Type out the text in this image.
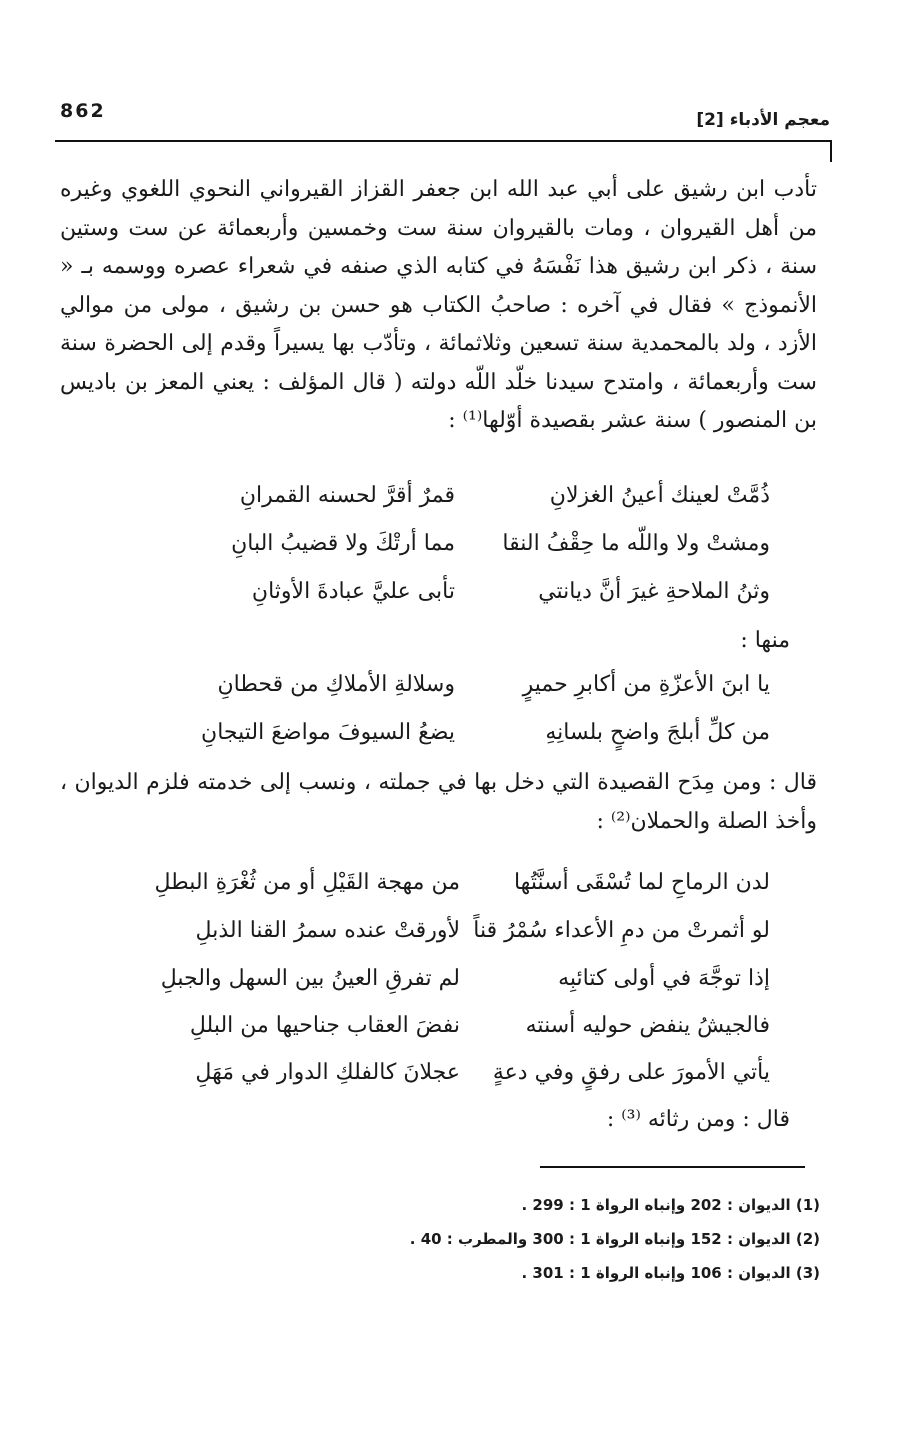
862	معجم الأدباء [2]

تأدب ابن رشيق على أبي عبد الله ابن جعفر القزاز القيرواني النحوي اللغوي وغيره من أهل القيروان ، ومات بالقيروان سنة ست وخمسين وأربعمائة عن ست وستين سنة ، ذكر ابن رشيق هذا نَفْسَهُ في كتابه الذي صنفه في شعراء عصره ووسمه بـ « الأنموذج » فقال في آخره : صاحبُ الكتاب هو حسن بن رشيق ، مولى من موالي الأزد ، ولد بالمحمدية سنة تسعين وثلاثمائة ، وتأدّب بها يسيراً وقدم إلى الحضرة سنة ست وأربعمائة ، وامتدح سيدنا خلّد اللّه دولته ( قال المؤلف : يعني المعز بن باديس بن المنصور ) سنة عشر بقصيدة أوّلها⁽¹⁾ :

ذُمَّتْ لعينك أعينُ الغزلانِ
قمرٌ أقرَّ لحسنه القمرانِ
ومشتْ ولا واللّه ما حِقْفُ النقا
مما أرتْكَ ولا قضيبُ البانِ
وثنُ الملاحةِ غيرَ أنَّ ديانتي
تأبى عليَّ عبادةَ الأوثانِ
منها :
يا ابنَ الأعزّةِ من أكابرِ حميرٍ
وسلالةِ الأملاكِ من قحطانِ
من كلِّ أبلجَ واضحٍ بلسانِهِ
يضعُ السيوفَ مواضعَ التيجانِ

قال : ومن مِدَح القصيدة التي دخل بها في جملته ، ونسب إلى خدمته فلزم الديوان ، وأخذ الصلة والحملان⁽²⁾ :

لدن الرماحِ لما تُسْقَى أسنَّتُها
من مهجة القَيْلِ أو من ثُغْرَةِ البطلِ
لو أثمرتْ من دمِ الأعداء سُمْرُ قناً
لأورقتْ عنده سمرُ القنا الذبلِ
إذا توجَّهَ في أولى كتائبِه
لم تفرقِ العينُ بين السهل والجبلِ
فالجيشُ ينفض حوليه أسنته
نفضَ العقاب جناحيها من البللِ
يأتي الأمورَ على رفقٍ وفي دعةٍ
عجلانَ كالفلكِ الدوار في مَهَلِ
قال : ومن رثائه ⁽³⁾ :
(1) الديوان : 202 وإنباه الرواة 1 : 299 .
(2) الديوان : 152 وإنباه الرواة 1 : 300 والمطرب : 40 .
(3) الديوان : 106 وإنباه الرواة 1 : 301 .
